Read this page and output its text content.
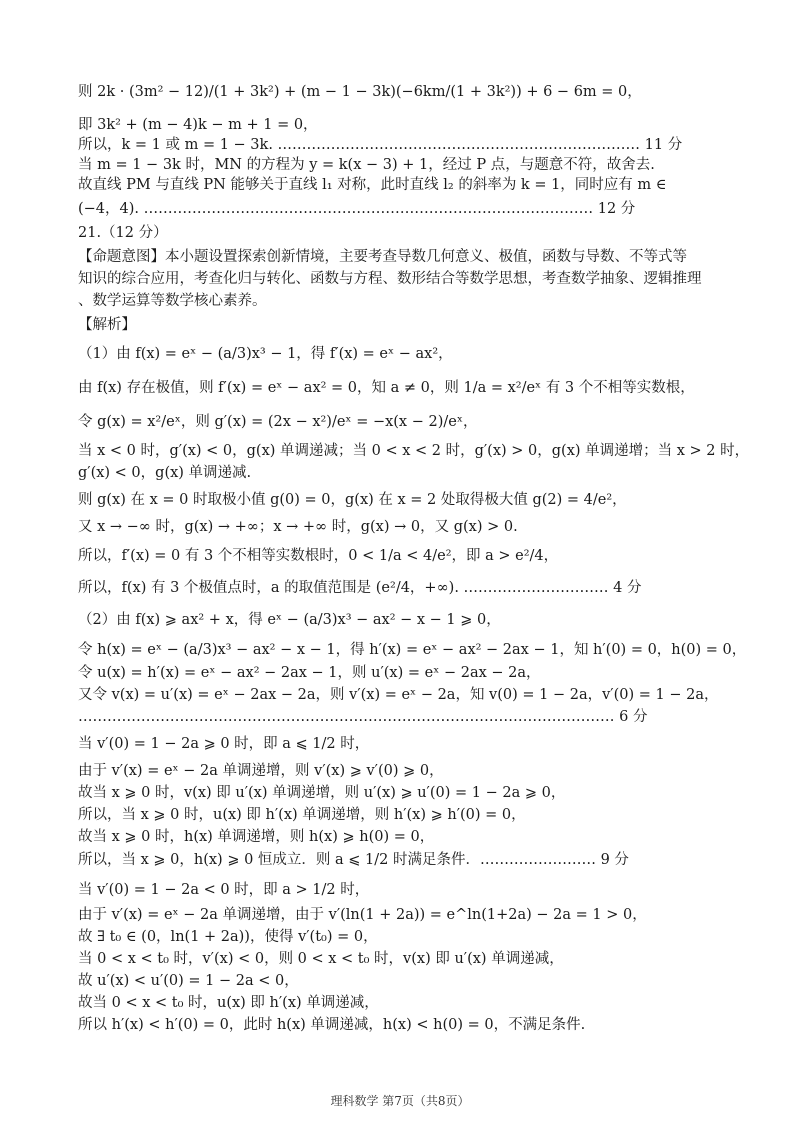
则 2k · (3m² − 12)/(1 + 3k²) + (m − 1 − 3k)(−6km/(1 + 3k²)) + 6 − 6m = 0，
即 3k² + (m − 4)k − m + 1 = 0，
所以，k = 1 或 m = 1 − 3k. ………………………………………………………………… 11 分
当 m = 1 − 3k 时，MN 的方程为 y = k(x − 3) + 1，经过 P 点，与题意不符，故舍去.
故直线 PM 与直线 PN 能够关于直线 l₁ 对称，此时直线 l₂ 的斜率为 k = 1，同时应有 m ∈
(−4，4). ………………………………………………………………………………… 12 分
21.（12 分）
【命题意图】本小题设置探索创新情境，主要考查导数几何意义、极值，函数与导数、不等式等
知识的综合应用，考查化归与转化、函数与方程、数形结合等数学思想，考查数学抽象、逻辑推理
、数学运算等数学核心素养。
【解析】
（1）由 f(x) = eˣ − (a/3)x³ − 1，得 f′(x) = eˣ − ax²，
由 f(x) 存在极值，则 f′(x) = eˣ − ax² = 0，知 a ≠ 0，则 1/a = x²/eˣ 有 3 个不相等实数根，
令 g(x) = x²/eˣ，则 g′(x) = (2x − x²)/eˣ = −x(x − 2)/eˣ，
当 x < 0 时，g′(x) < 0，g(x) 单调递减；当 0 < x < 2 时，g′(x) > 0，g(x) 单调递增；当 x > 2 时，
g′(x) < 0，g(x) 单调递减.
则 g(x) 在 x = 0 时取极小值 g(0) = 0，g(x) 在 x = 2 处取得极大值 g(2) = 4/e²，
又 x → −∞ 时，g(x) → +∞；x → +∞ 时，g(x) → 0，又 g(x) > 0.
所以，f′(x) = 0 有 3 个不相等实数根时，0 < 1/a < 4/e²，即 a > e²/4，
所以，f(x) 有 3 个极值点时，a 的取值范围是 (e²/4，+∞). ………………………… 4 分
（2）由 f(x) ⩾ ax² + x，得 eˣ − (a/3)x³ − ax² − x − 1 ⩾ 0，
令 h(x) = eˣ − (a/3)x³ − ax² − x − 1，得 h′(x) = eˣ − ax² − 2ax − 1，知 h′(0) = 0，h(0) = 0，
令 u(x) = h′(x) = eˣ − ax² − 2ax − 1，则 u′(x) = eˣ − 2ax − 2a，
又令 v(x) = u′(x) = eˣ − 2ax − 2a，则 v′(x) = eˣ − 2a，知 v(0) = 1 − 2a，v′(0) = 1 − 2a，
………………………………………………………………………………………………… 6 分
当 v′(0) = 1 − 2a ⩾ 0 时，即 a ⩽ 1/2 时，
由于 v′(x) = eˣ − 2a 单调递增，则 v′(x) ⩾ v′(0) ⩾ 0，
故当 x ⩾ 0 时，v(x) 即 u′(x) 单调递增，则 u′(x) ⩾ u′(0) = 1 − 2a ⩾ 0，
所以，当 x ⩾ 0 时，u(x) 即 h′(x) 单调递增，则 h′(x) ⩾ h′(0) = 0，
故当 x ⩾ 0 时，h(x) 单调递增，则 h(x) ⩾ h(0) = 0，
所以，当 x ⩾ 0，h(x) ⩾ 0 恒成立．则 a ⩽ 1/2 时满足条件．…………………… 9 分
当 v′(0) = 1 − 2a < 0 时，即 a > 1/2 时，
由于 v′(x) = eˣ − 2a 单调递增，由于 v′(ln(1 + 2a)) = e^ln(1+2a) − 2a = 1 > 0，
故 ∃ t₀ ∈ (0，ln(1 + 2a))，使得 v′(t₀) = 0，
当 0 < x < t₀ 时，v′(x) < 0，则 0 < x < t₀ 时，v(x) 即 u′(x) 单调递减，
故 u′(x) < u′(0) = 1 − 2a < 0，
故当 0 < x < t₀ 时，u(x) 即 h′(x) 单调递减，
所以 h′(x) < h′(0) = 0，此时 h(x) 单调递减，h(x) < h(0) = 0，不满足条件.
理科数学 第7页（共8页）
